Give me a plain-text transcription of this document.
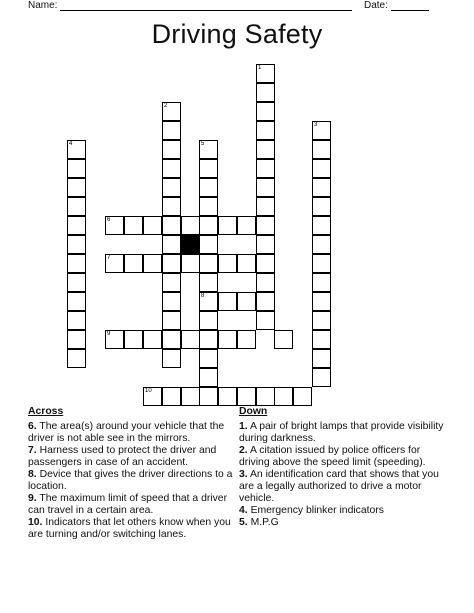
Name:	Date:
Driving Safety
1
2
3
4	5
8
6
7
9
10
Across

6. The area(s) around your vehicle that the driver is not able see in the mirrors.

7. Harness used to protect the driver and passengers in case of an accident.

8. Device that gives the driver directions to a location.

9. The maximum limit of speed that a driver can travel in a certain area.

10. Indicators that let others know when you are turning and/or switching lanes.

Down

1. A pair of bright lamps that provide visibility during darkness.

2. A citation issued by police officers for driving above the speed limit (speeding).

3. An identification card that shows that you are a legally authorized to drive a motor vehicle.

4. Emergency blinker indicators

5. M.P.G
